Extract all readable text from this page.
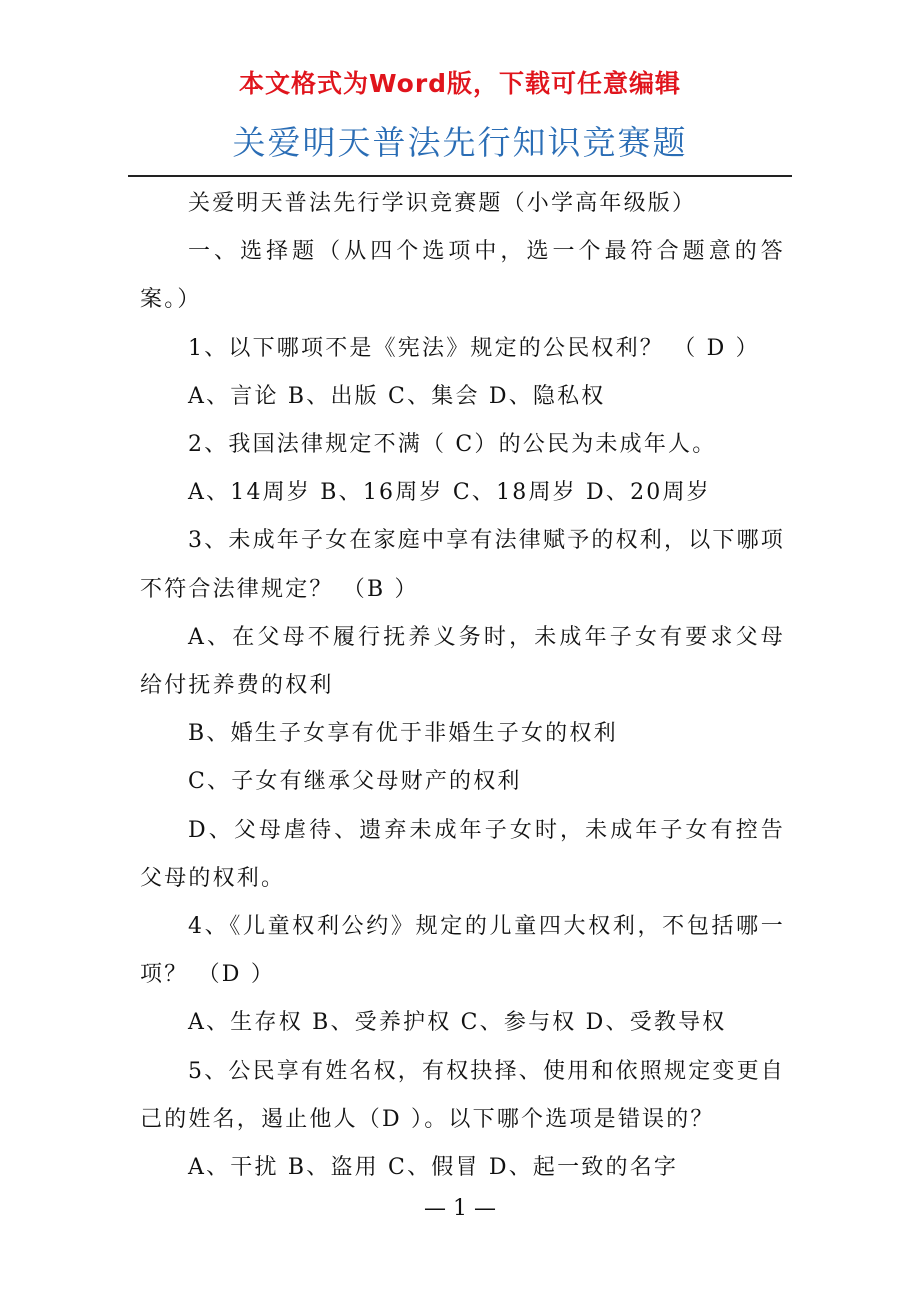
本文格式为Word版，下载可任意编辑
关爱明天普法先行知识竞赛题

关爱明天普法先行学识竞赛题（小学高年级版）

一、选择题（从四个选项中，选一个最符合题意的答案。）

1、以下哪项不是《宪法》规定的公民权利？ （ D ）

A、言论 B、出版 C、集会 D、隐私权

2、我国法律规定不满（ C）的公民为未成年人。

A、14周岁 B、16周岁 C、18周岁 D、20周岁

3、未成年子女在家庭中享有法律赋予的权利，以下哪项不符合法律规定？ （B ）

A、在父母不履行抚养义务时，未成年子女有要求父母给付抚养费的权利

B、婚生子女享有优于非婚生子女的权利

C、子女有继承父母财产的权利

D、父母虐待、遗弃未成年子女时，未成年子女有控告父母的权利。

4、《儿童权利公约》规定的儿童四大权利，不包括哪一项？ （D ）

A、生存权 B、受养护权 C、参与权 D、受教导权

5、公民享有姓名权，有权抉择、使用和依照规定变更自己的姓名，遏止他人（D ）。以下哪个选项是错误的？

A、干扰 B、盗用 C、假冒 D、起一致的名字

— 1 —
